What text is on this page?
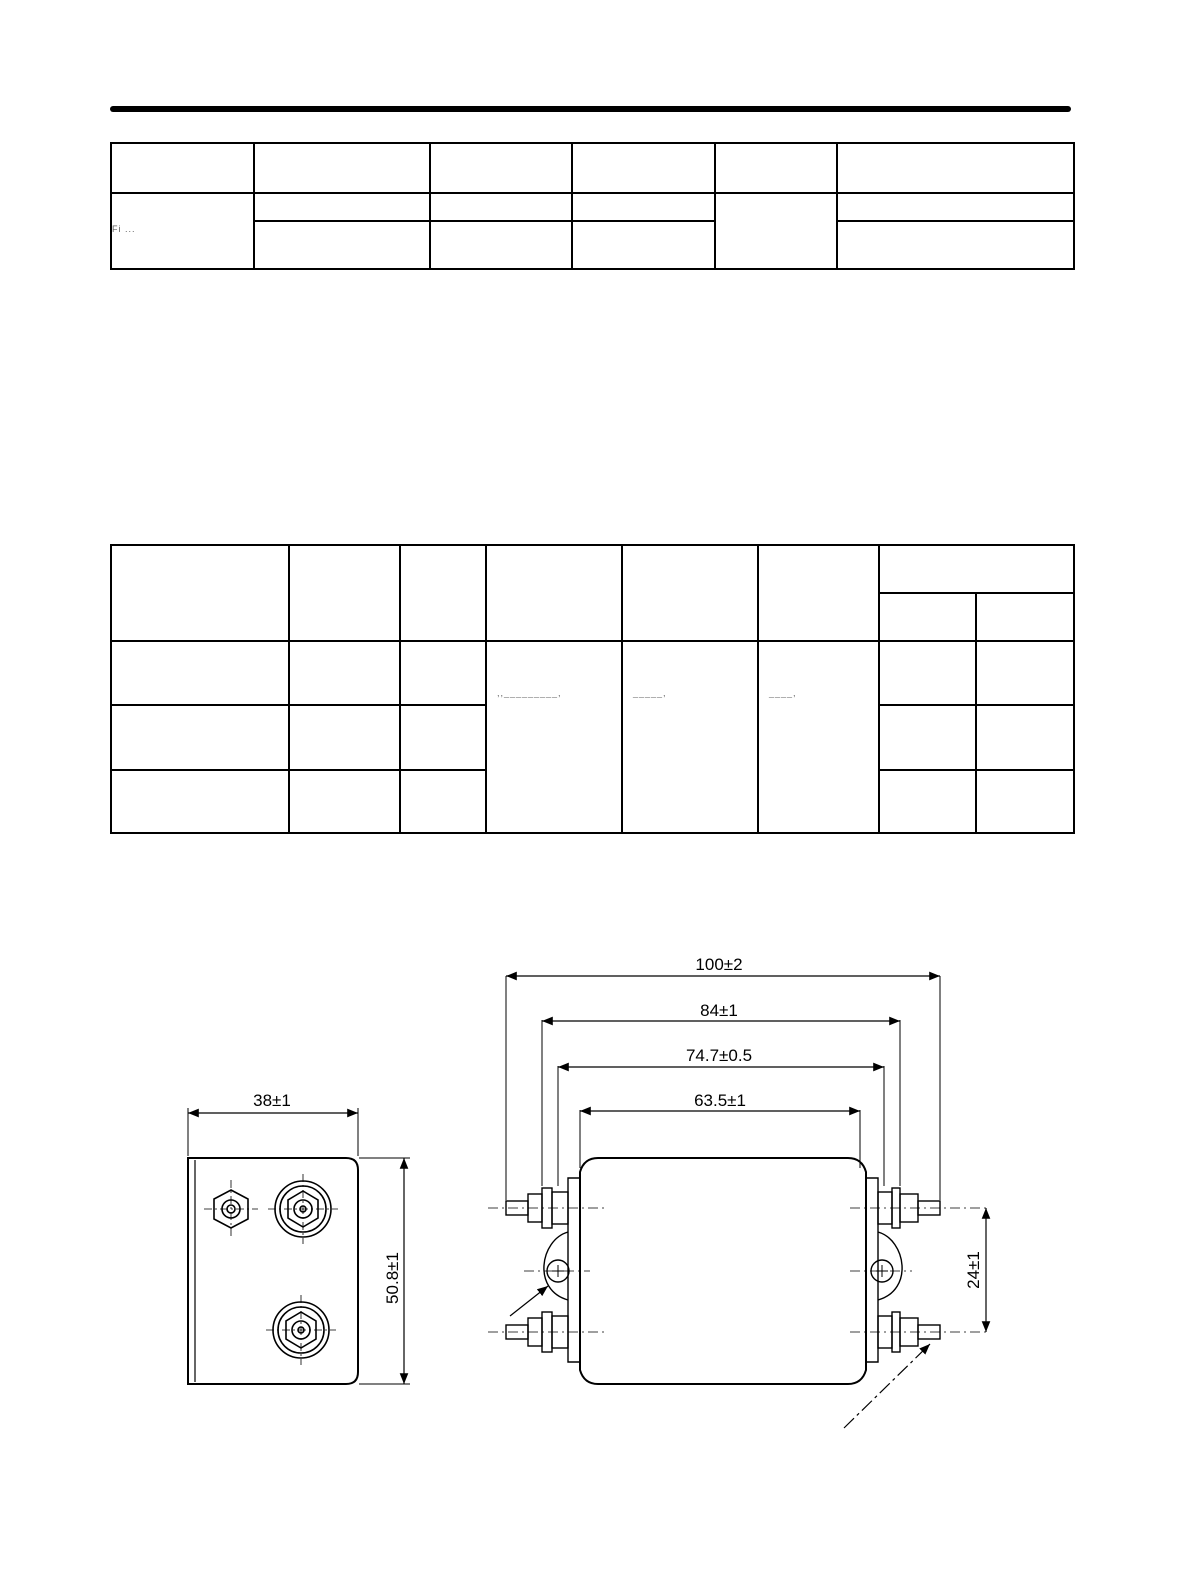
Fi ...					

			,,_________,	_____,	____,		

38±1
50.8±1
100±2
84±1
74.7±0.5
63.5±1
24±1
